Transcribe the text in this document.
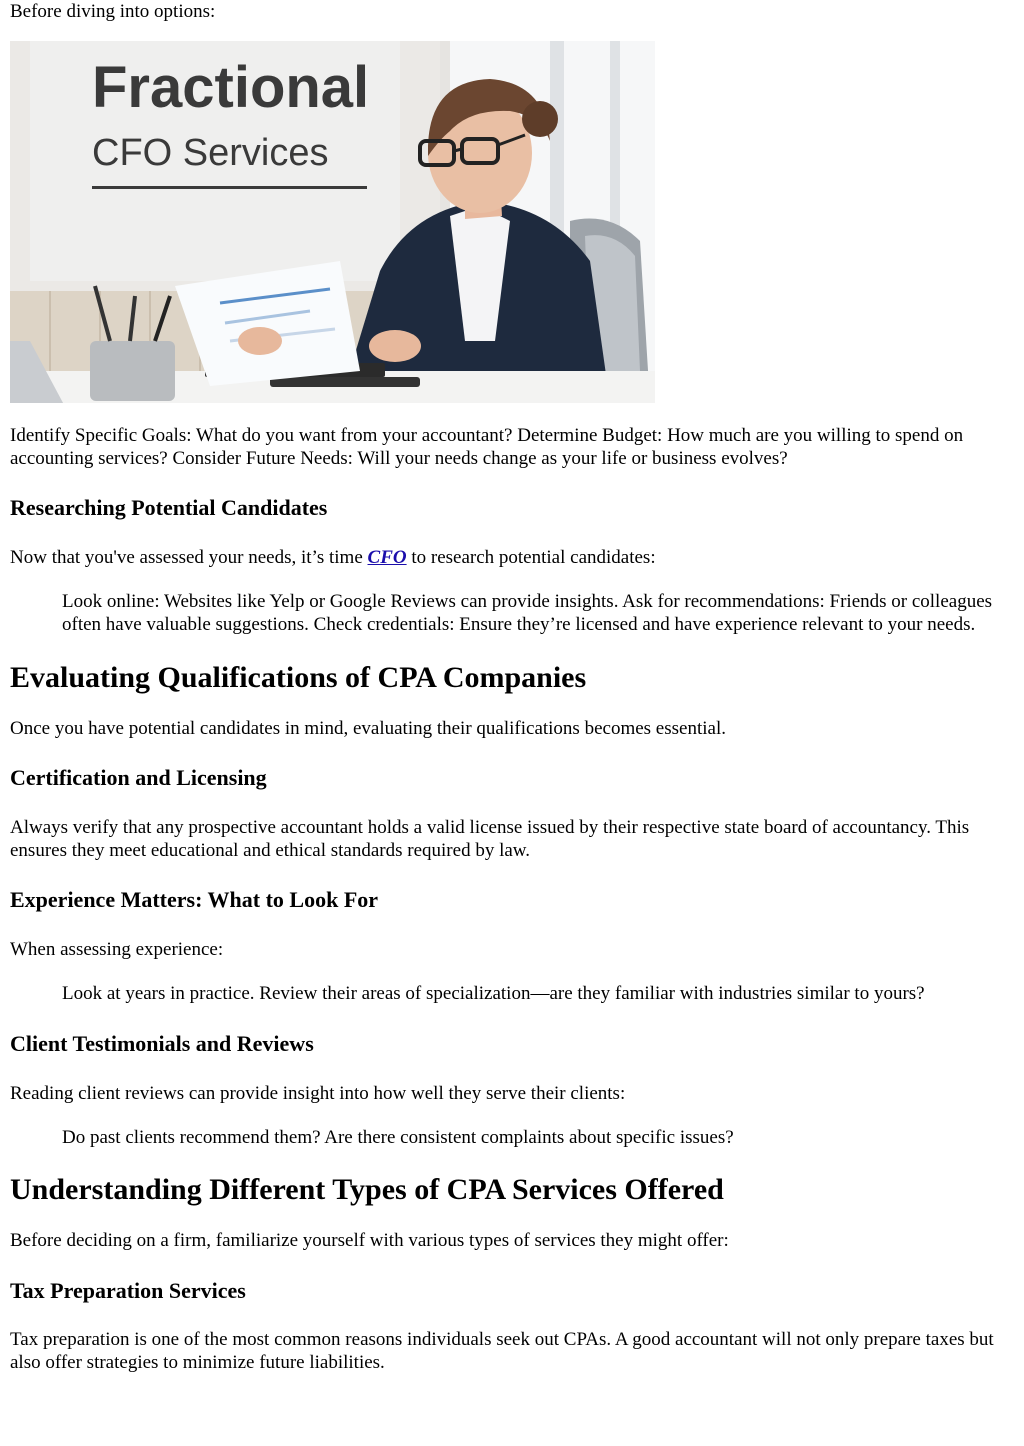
Before diving into options:

Fractional
CFO Services

Identify Specific Goals: What do you want from your accountant? Determine Budget: How much are you willing to spend on accounting services? Consider Future Needs: Will your needs change as your life or business evolves?

Researching Potential Candidates

Now that you've assessed your needs, it’s time CFO to research potential candidates:

Look online: Websites like Yelp or Google Reviews can provide insights. Ask for recommendations: Friends or colleagues often have valuable suggestions. Check credentials: Ensure they’re licensed and have experience relevant to your needs.
Evaluating Qualifications of CPA Companies

Once you have potential candidates in mind, evaluating their qualifications becomes essential.

Certification and Licensing

Always verify that any prospective accountant holds a valid license issued by their respective state board of accountancy. This ensures they meet educational and ethical standards required by law.

Experience Matters: What to Look For

When assessing experience:

Look at years in practice. Review their areas of specialization—are they familiar with industries similar to yours?
Client Testimonials and Reviews

Reading client reviews can provide insight into how well they serve their clients:

Do past clients recommend them? Are there consistent complaints about specific issues?
Understanding Different Types of CPA Services Offered

Before deciding on a firm, familiarize yourself with various types of services they might offer:

Tax Preparation Services

Tax preparation is one of the most common reasons individuals seek out CPAs. A good accountant will not only prepare taxes but also offer strategies to minimize future liabilities.
